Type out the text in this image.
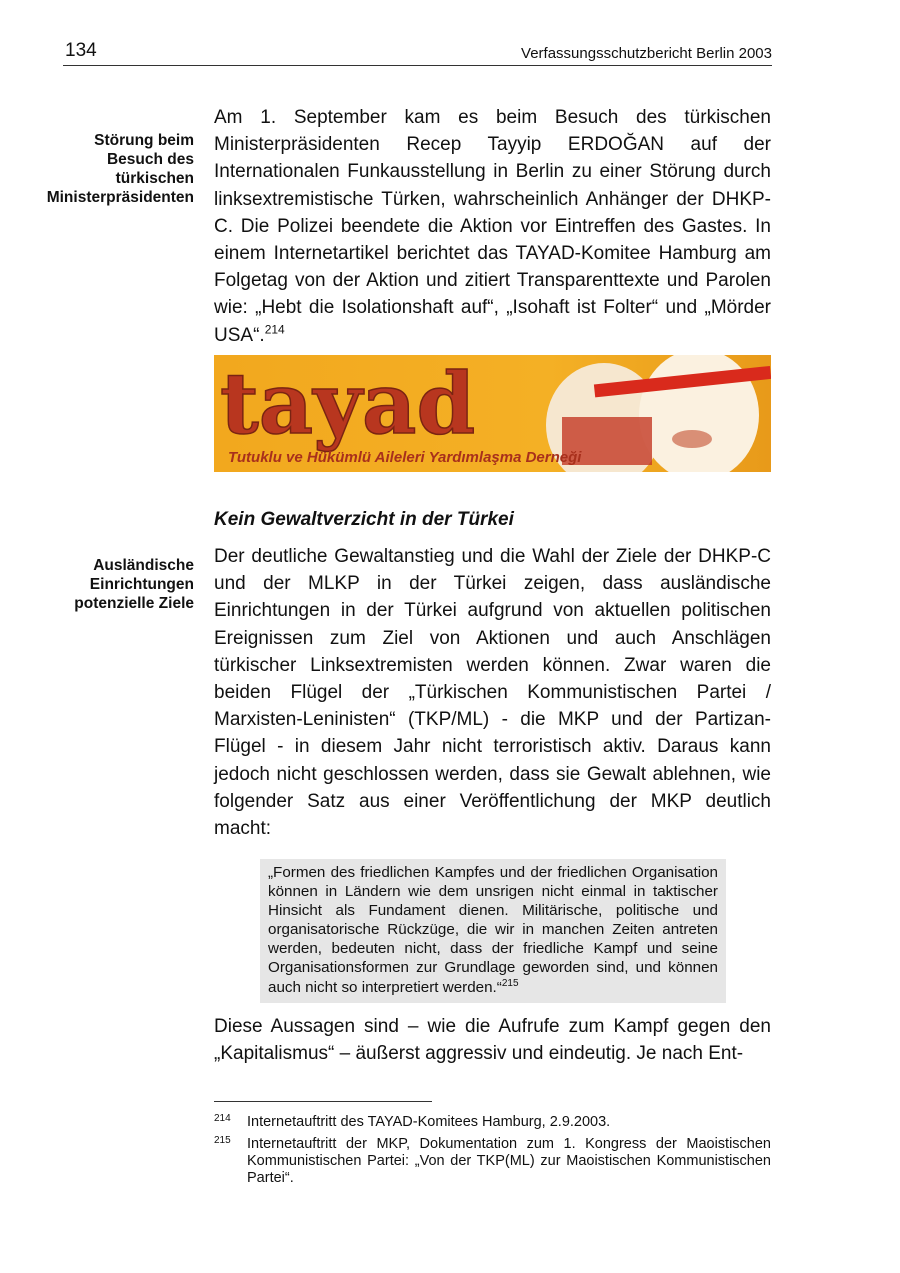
134	Verfassungsschutzbericht Berlin 2003
Störung beim
Besuch des
türkischen
Ministerpräsidenten
Am 1. September kam es beim Besuch des türkischen Ministerpräsidenten Recep Tayyip ERDOĞAN auf der Internationalen Funkausstellung in Berlin zu einer Störung durch linksextremistische Türken, wahrscheinlich Anhänger der DHKP-C. Die Polizei beendete die Aktion vor Eintreffen des Gastes. In einem Internetartikel berichtet das TAYAD-Komitee Hamburg am Folgetag von der Aktion und zitiert Transparenttexte und Parolen wie: „Hebt die Isolationshaft auf“, „Isohaft ist Folter“ und „Mörder USA“.$^{214}$
tayad
Tutuklu ve Hükümlü Aileleri Yardımlaşma Derneği
Kein Gewaltverzicht in der Türkei
Ausländische
Einrichtungen
potenzielle Ziele
Der deutliche Gewaltanstieg und die Wahl der Ziele der DHKP-C und der MLKP in der Türkei zeigen, dass ausländische Einrichtungen in der Türkei aufgrund von aktuellen politischen Ereignissen zum Ziel von Aktionen und auch Anschlägen türkischer Linksextremisten werden können. Zwar waren die beiden Flügel der „Türkischen Kommunistischen Partei / Marxisten-Leninisten“ (TKP/ML) - die MKP und der Partizan-Flügel - in diesem Jahr nicht terroristisch aktiv. Daraus kann jedoch nicht geschlossen werden, dass sie Gewalt ablehnen, wie folgender Satz aus einer Veröffentlichung der MKP deutlich macht:
„Formen des friedlichen Kampfes und der friedlichen Organisation können in Ländern wie dem unsrigen nicht einmal in taktischer Hinsicht als Fundament dienen. Militärische, politische und organisatorische Rückzüge, die wir in manchen Zeiten antreten werden, bedeuten nicht, dass der friedliche Kampf und seine Organisationsformen zur Grundlage geworden sind, und können auch nicht so interpretiert werden.“$^{215}$
Diese Aussagen sind – wie die Aufrufe zum Kampf gegen den „Kapitalismus“ – äußerst aggressiv und eindeutig. Je nach Ent-
214 Internetauftritt des TAYAD-Komitees Hamburg, 2.9.2003.
215 Internetauftritt der MKP, Dokumentation zum 1. Kongress der Maoistischen Kommunistischen Partei: „Von der TKP(ML) zur Maoistischen Kommunistischen Partei“.
